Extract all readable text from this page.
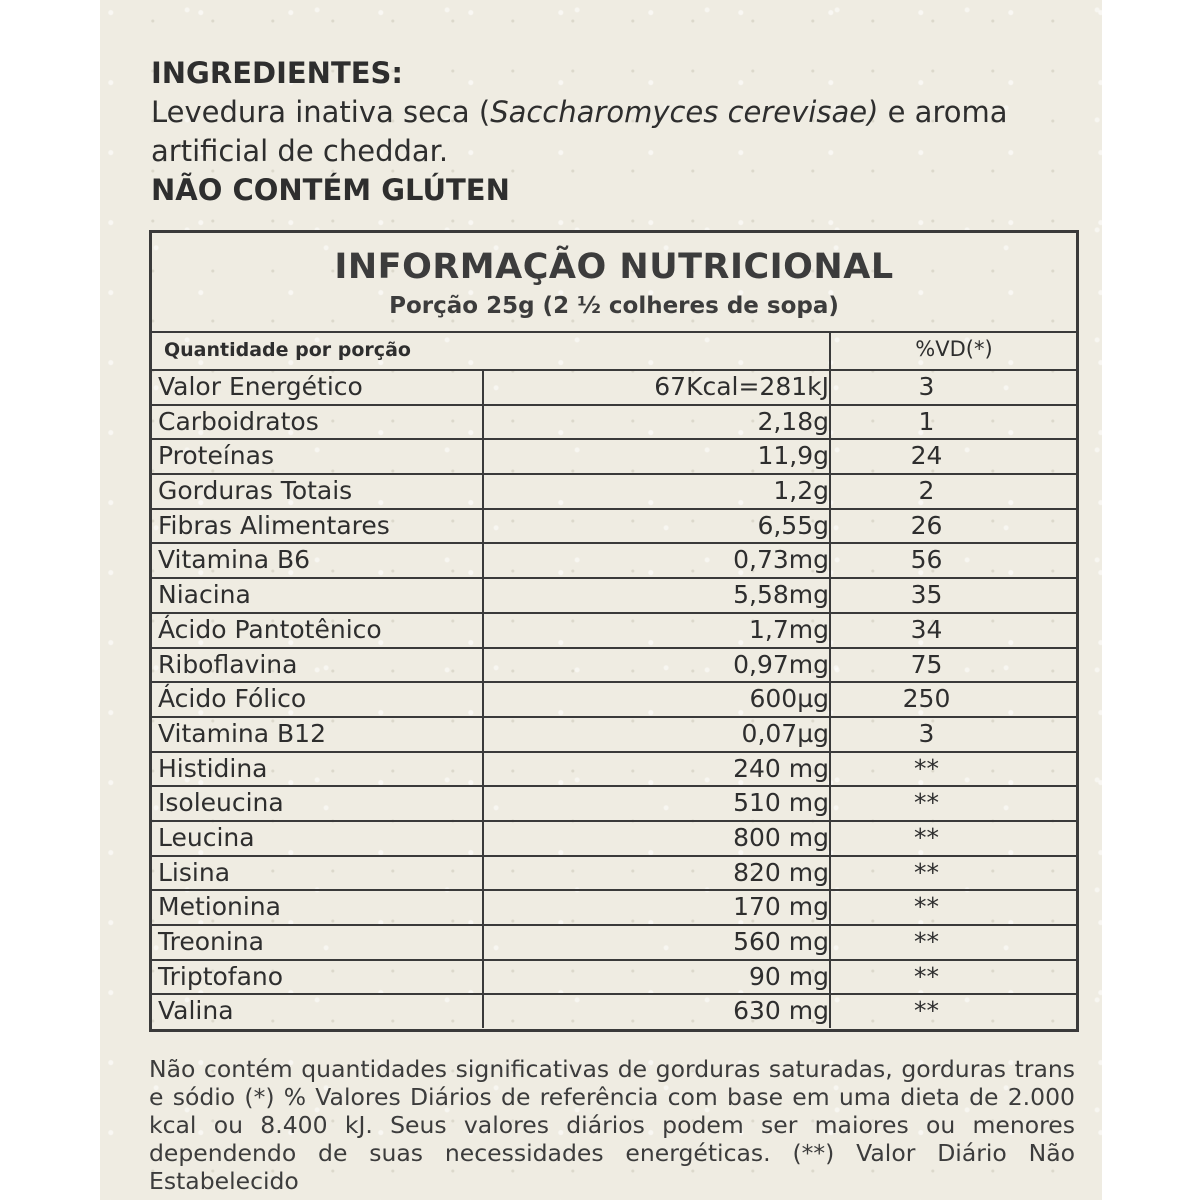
INGREDIENTES:

Levedura inativa seca (Saccharomyces cerevisae) e aroma artificial de cheddar.

NÃO CONTÉM GLÚTEN

INFORMAÇÃO NUTRICIONAL
Porção 25g (2 ½ colheres de sopa)
Quantidade por porção	%VD(*)
Valor Energético	67Kcal=281kJ	3
Carboidratos	2,18g	1
Proteínas	11,9g	24
Gorduras Totais	1,2g	2
Fibras Alimentares	6,55g	26
Vitamina B6	0,73mg	56
Niacina	5,58mg	35
Ácido Pantotênico	1,7mg	34
Riboflavina	0,97mg	75
Ácido Fólico	600µg	250
Vitamina B12	0,07µg	3
Histidina	240 mg	**
Isoleucina	510 mg	**
Leucina	800 mg	**
Lisina	820 mg	**
Metionina	170 mg	**
Treonina	560 mg	**
Triptofano	90 mg	**
Valina	630 mg	**
Não contém quantidades significativas de gorduras saturadas, gorduras trans e sódio (*) % Valores Diários de referência com base em uma dieta de 2.000 kcal ou 8.400 kJ. Seus valores diários podem ser maiores ou menores dependendo de suas necessidades energéticas. (**) Valor Diário Não Estabelecido
